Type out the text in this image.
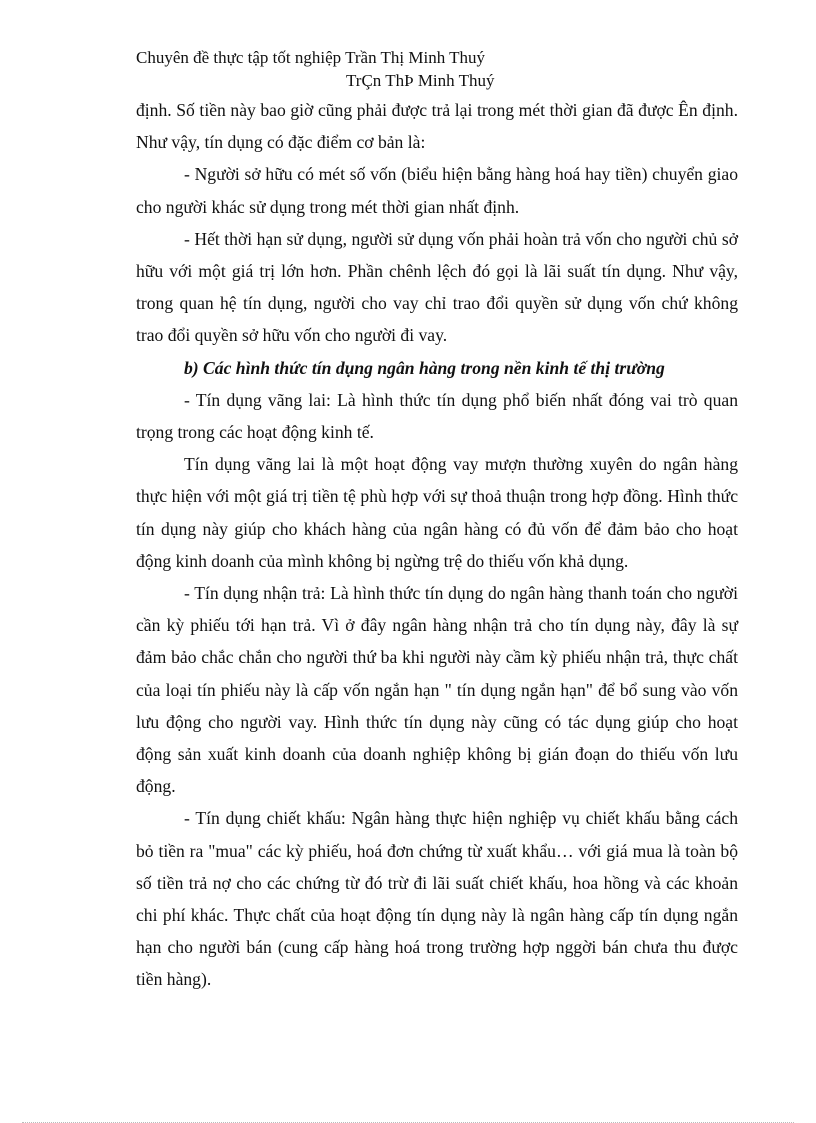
Chuyên đề thực tập tốt nghiệp Trần Thị Minh Thuý
TrÇn ThÞ Minh Thuý

định. Số tiền này bao giờ cũng phải được trả lại trong mét thời gian đã được Ên định. Như vậy, tín dụng có đặc điểm cơ bản là:

- Người sở hữu có mét số vốn (biểu hiện bằng hàng hoá hay tiền) chuyển giao cho người khác sử dụng trong mét thời gian nhất định.

- Hết thời hạn sử dụng, người sử dụng vốn phải hoàn trả vốn cho người chủ sở hữu với một giá trị lớn hơn. Phần chênh lệch đó gọi là lãi suất tín dụng. Như vậy, trong quan hệ tín dụng, người cho vay chỉ trao đổi quyền sử dụng vốn chứ không trao đổi quyền sở hữu vốn cho người đi vay.

b) Các hình thức tín dụng ngân hàng trong nền kinh tế thị trường

- Tín dụng vãng lai: Là hình thức tín dụng phổ biến nhất đóng vai trò quan trọng trong các hoạt động kinh tế.

Tín dụng vãng lai là một hoạt động vay mượn thường xuyên do ngân hàng thực hiện với một giá trị tiền tệ phù hợp với sự thoả thuận trong hợp đồng. Hình thức tín dụng này giúp cho khách hàng của ngân hàng có đủ vốn để đảm bảo cho hoạt động kinh doanh của mình không bị ngừng trệ do thiếu vốn khả dụng.

- Tín dụng nhận trả: Là hình thức tín dụng do ngân hàng thanh toán cho người cần kỳ phiếu tới hạn trả. Vì ở đây ngân hàng nhận trả cho tín dụng này, đây là sự đảm bảo chắc chắn cho người thứ ba khi người này cầm kỳ phiếu nhận trả, thực chất của loại tín phiếu này là cấp vốn ngắn hạn " tín dụng ngắn hạn" để bổ sung vào vốn lưu động cho người vay. Hình thức tín dụng này cũng có tác dụng giúp cho hoạt động sản xuất kinh doanh của doanh nghiệp không bị gián đoạn do thiếu vốn lưu động.

- Tín dụng chiết khấu: Ngân hàng thực hiện nghiệp vụ chiết khấu bằng cách bỏ tiền ra "mua" các kỳ phiếu, hoá đơn chứng từ xuất khẩu… với giá mua là toàn bộ số tiền trả nợ cho các chứng từ đó trừ đi lãi suất chiết khấu, hoa hồng và các khoản chi phí khác. Thực chất của hoạt động tín dụng này là ngân hàng cấp tín dụng ngắn hạn cho người bán (cung cấp hàng hoá trong trường hợp nggời bán chưa thu được tiền hàng).
